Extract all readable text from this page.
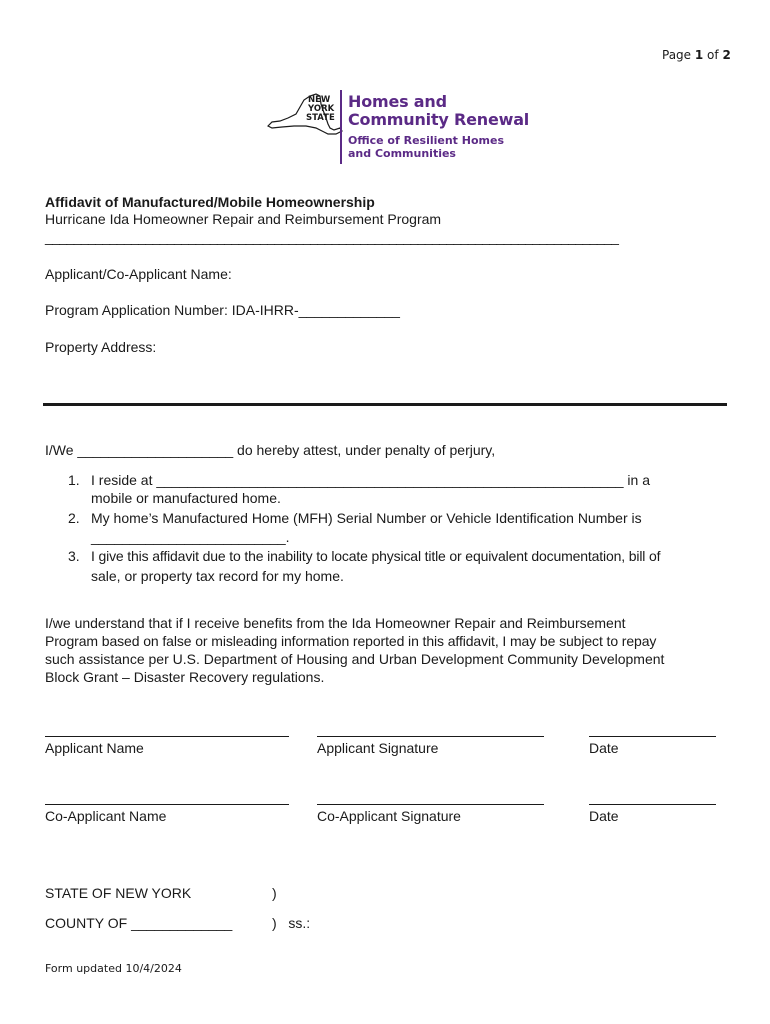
Page 1 of 2
NEW
YORK
STATE
Homes and
Community Renewal
Office of Resilient Homes
and Communities
Affidavit of Manufactured/Mobile Homeownership
Hurricane Ida Homeowner Repair and Reimbursement Program
________________________________________________________________________________
Applicant/Co-Applicant Name:
Program Application Number: IDA-IHRR-_____________
Property Address:
I/We ____________________ do hereby attest, under penalty of perjury,
1. I reside at ____________________________________________________________ in a
mobile or manufactured home.
2. My home’s Manufactured Home (MFH) Serial Number or Vehicle Identification Number is
_________________________.
3. I give this affidavit due to the inability to locate physical title or equivalent documentation, bill of
sale, or property tax record for my home.
I/we understand that if I receive benefits from the Ida Homeowner Repair and Reimbursement
Program based on false or misleading information reported in this affidavit, I may be subject to repay
such assistance per U.S. Department of Housing and Urban Development Community Development
Block Grant – Disaster Recovery regulations.
Applicant Name	Applicant Signature	Date
Co-Applicant Name	Co-Applicant Signature	Date
STATE OF NEW YORK	)
COUNTY OF _____________	)   ss.:
Form updated 10/4/2024
